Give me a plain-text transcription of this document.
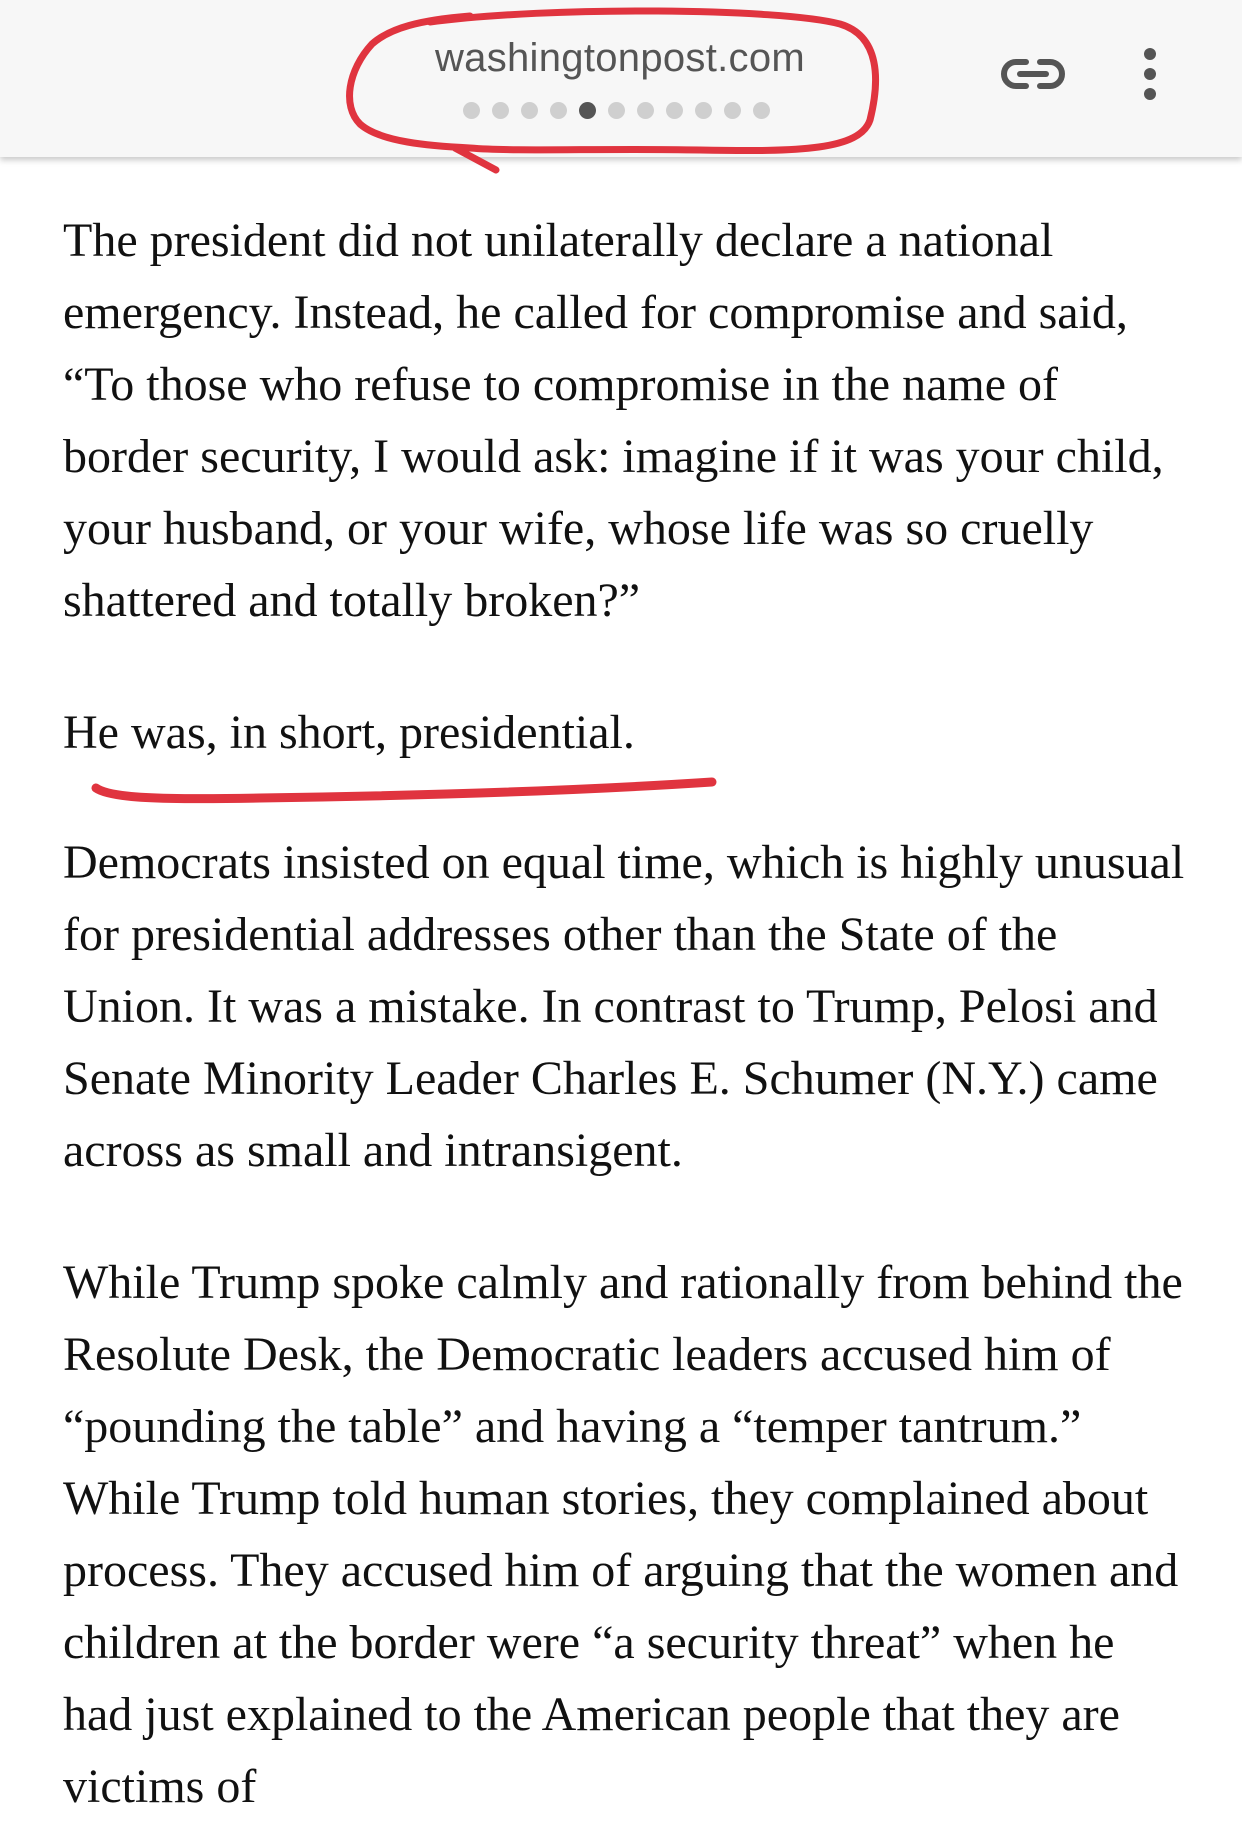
washingtonpost.com

The president did not unilaterally declare a national emergency. Instead, he called for compromise and said, “To those who refuse to compromise in the name of border security, I would ask: imagine if it was your child, your husband, or your wife, whose life was so cruelly shattered and totally broken?”

He was, in short, presidential.

Democrats insisted on equal time, which is highly unusual for presidential addresses other than the State of the Union. It was a mistake. In contrast to Trump, Pelosi and Senate Minority Leader Charles E. Schumer (N.Y.) came across as small and intransigent.

While Trump spoke calmly and rationally from behind the Resolute Desk, the Democratic leaders accused him of “pounding the table” and having a “temper tantrum.” While Trump told human stories, they complained about process. They accused him of arguing that the women and children at the border were “a security threat” when he had just explained to the American people that they are victims of
